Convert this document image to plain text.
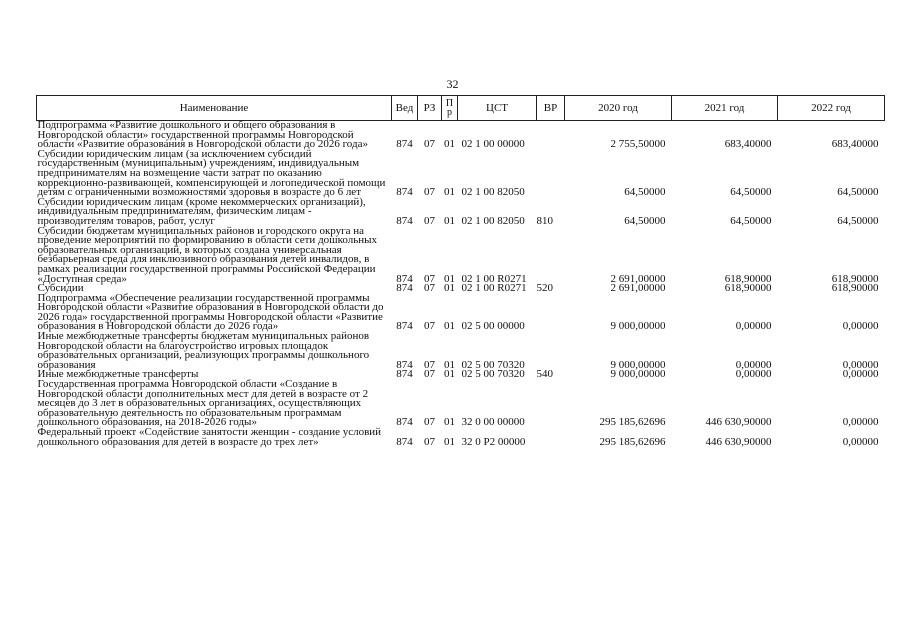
32
Наименование	Вед	РЗ	П р	ЦСТ	ВР	2020 год	2021 год	2022 год
Подпрограмма «Развитие дошкольного и общего образования в Новгородской области» государственной программы Новгородской области «Развитие образования в Новгородской области до 2026 года»	874	07	01	02 1 00 00000		2 755,50000	683,40000	683,40000
Субсидии юридическим лицам (за исключением субсидий государственным (муниципальным) учреждениям, индивидуальным предпринимателям на возмещение части затрат по оказанию коррекционно-развивающей, компенсирующей и логопедической помощи детям с ограниченными возможностями здоровья в возрасте до 6 лет	874	07	01	02 1 00 82050		64,50000	64,50000	64,50000
Субсидии юридическим лицам (кроме некоммерческих организаций), индивидуальным предпринимателям, физическим лицам - производителям товаров, работ, услуг	874	07	01	02 1 00 82050	810	64,50000	64,50000	64,50000
Субсидии бюджетам муниципальных районов и городского округа на проведение мероприятий по формированию в области сети дошкольных образовательных организаций, в которых создана универсальная безбарьерная среда для инклюзивного образования детей инвалидов, в рамках реализации государственной программы Российской Федерации «Доступная среда»	874	07	01	02 1 00 R0271		2 691,00000	618,90000	618,90000
Субсидии	874	07	01	02 1 00 R0271	520	2 691,00000	618,90000	618,90000
Подпрограмма «Обеспечение реализации государственной программы Новгородской области «Развитие образования в Новгородской области до 2026 года» государственной программы Новгородской области «Развитие образования в Новгородской области до 2026 года»	874	07	01	02 5 00 00000		9 000,00000	0,00000	0,00000
Иные межбюджетные трансферты бюджетам муниципальных районов Новгородской области на благоустройство игровых площадок образовательных организаций, реализующих программы дошкольного образования	874	07	01	02 5 00 70320		9 000,00000	0,00000	0,00000
Иные межбюджетные трансферты	874	07	01	02 5 00 70320	540	9 000,00000	0,00000	0,00000
Государственная программа Новгородской области «Создание в Новгородской области дополнительных мест для детей в возрасте от 2 месяцев до 3 лет в образовательных организациях, осуществляющих образовательную деятельность по образовательным программам дошкольного образования, на 2018-2026 годы»	874	07	01	32 0 00 00000		295 185,62696	446 630,90000	0,00000
Федеральный проект «Содействие занятости женщин - создание условий дошкольного образования для детей в возрасте до трех лет»	874	07	01	32 0 P2 00000		295 185,62696	446 630,90000	0,00000
